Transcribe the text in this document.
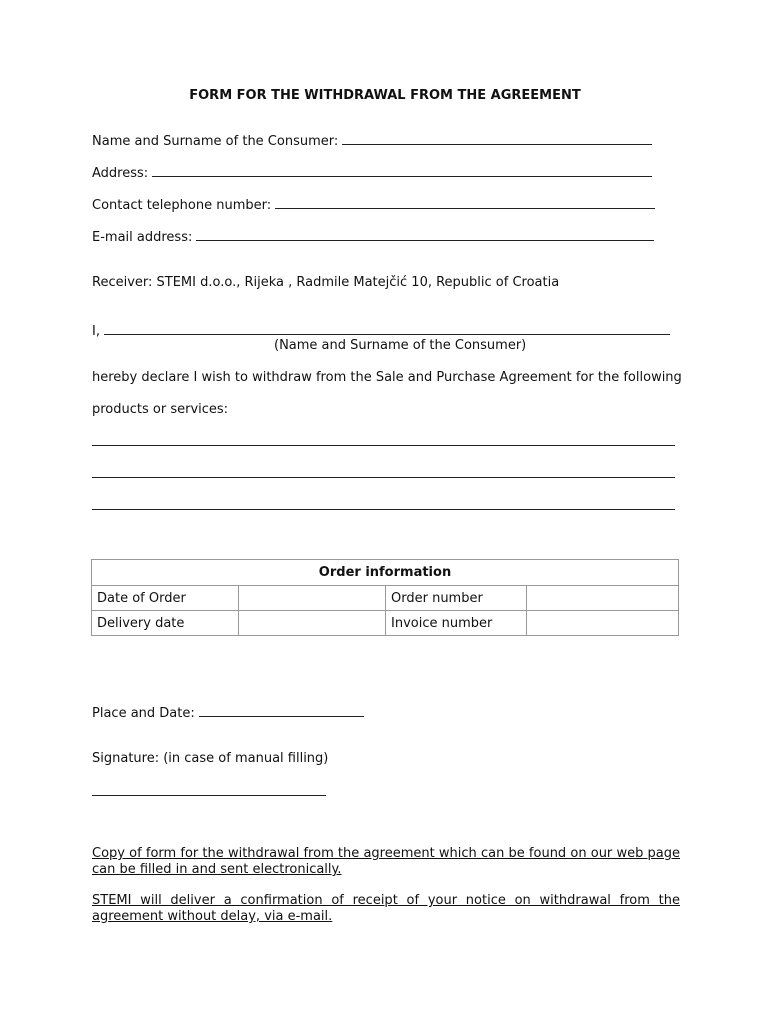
FORM FOR THE WITHDRAWAL FROM THE AGREEMENT
Name and Surname of the Consumer:
Address:
Contact telephone number:
E-mail address:
Receiver: STEMI d.o.o., Rijeka , Radmile Matejčić 10, Republic of Croatia
I,
(Name and Surname of the Consumer)
hereby declare I wish to withdraw from the Sale and Purchase Agreement for the following
products or services:
Order information			
Date of Order		Order number	
Delivery date		Invoice number	
Place and Date:
Signature: (in case of manual filling)
Copy of form for the withdrawal from the agreement which can be found on our web page can be filled in and sent electronically.
STEMI will deliver a confirmation of receipt of your notice on withdrawal from the agreement without delay, via e-mail.
